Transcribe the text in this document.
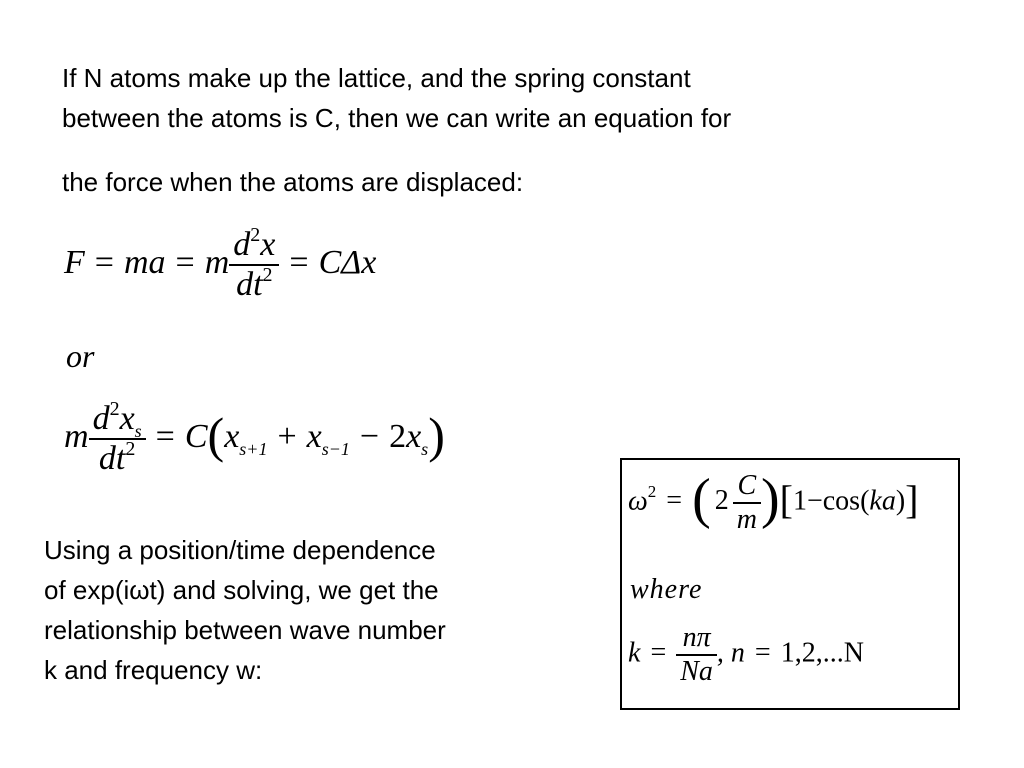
If N atoms make up the lattice, and the spring constant
between the atoms is C, then we can write an equation for
the force when the atoms are displaced:
F = ma = m $\frac{d^2x}{dt^2} = C\Delta x$
or
m $\frac{d^2x_s}{dt^2} = C(x_{s+1} + x_{s-1} - 2x_s)$
Using a position/time dependence
of exp(iωt) and solving, we get the
relationship between wave number
k and frequency w:
$\omega^2$ = ( $2 \frac{C}{m} )[1-\cos(ka)]$
where
$k = \frac{n\pi}{Na}$ , n = 1,2,...N
